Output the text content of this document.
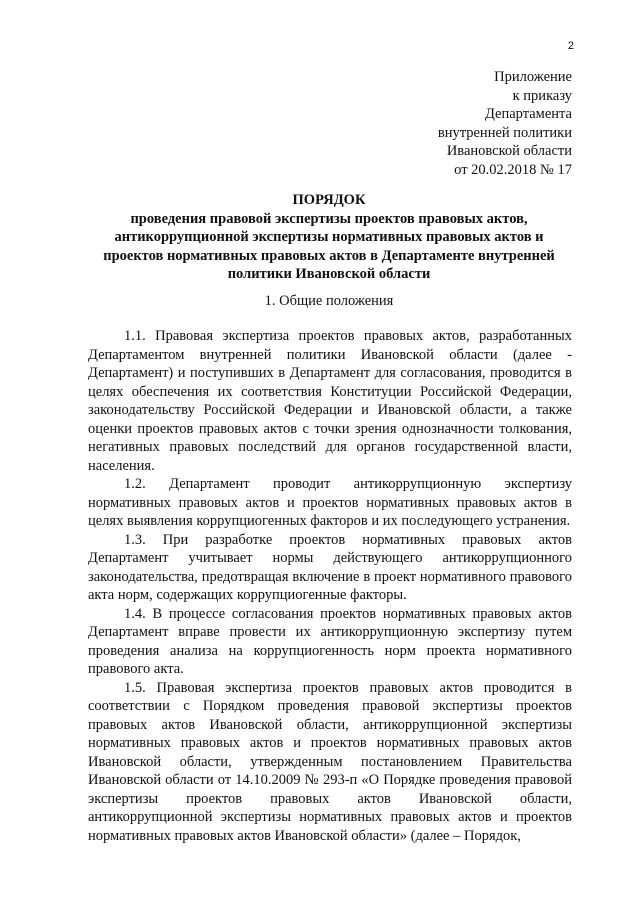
2
Приложение
к приказу
Департамента
внутренней политики
Ивановской области
от 20.02.2018 № 17
ПОРЯДОК
проведения правовой экспертизы проектов правовых актов, антикоррупционной экспертизы нормативных правовых актов и проектов нормативных правовых актов в Департаменте внутренней политики Ивановской области
1. Общие положения

1.1. Правовая экспертиза проектов правовых актов, разработанных Департаментом внутренней политики Ивановской области (далее - Департамент) и поступивших в Департамент для согласования, проводится в целях обеспечения их соответствия Конституции Российской Федерации, законодательству Российской Федерации и Ивановской области, а также оценки проектов правовых актов с точки зрения однозначности толкования, негативных правовых последствий для органов государственной власти, населения.

1.2. Департамент проводит антикоррупционную экспертизу нормативных правовых актов и проектов нормативных правовых актов в целях выявления коррупциогенных факторов и их последующего устранения.

1.3. При разработке проектов нормативных правовых актов Департамент учитывает нормы действующего антикоррупционного законодательства, предотвращая включение в проект нормативного правового акта норм, содержащих коррупциогенные факторы.

1.4. В процессе согласования проектов нормативных правовых актов Департамент вправе провести их антикоррупционную экспертизу путем проведения анализа на коррупциогенность норм проекта нормативного правового акта.

1.5. Правовая экспертиза проектов правовых актов проводится в соответствии с Порядком проведения правовой экспертизы проектов правовых актов Ивановской области, антикоррупционной экспертизы нормативных правовых актов и проектов нормативных правовых актов Ивановской области, утвержденным постановлением Правительства Ивановской области от 14.10.2009 № 293-п «О Порядке проведения правовой экспертизы проектов правовых актов Ивановской области, антикоррупционной экспертизы нормативных правовых актов и проектов нормативных правовых актов Ивановской области» (далее – Порядок,
